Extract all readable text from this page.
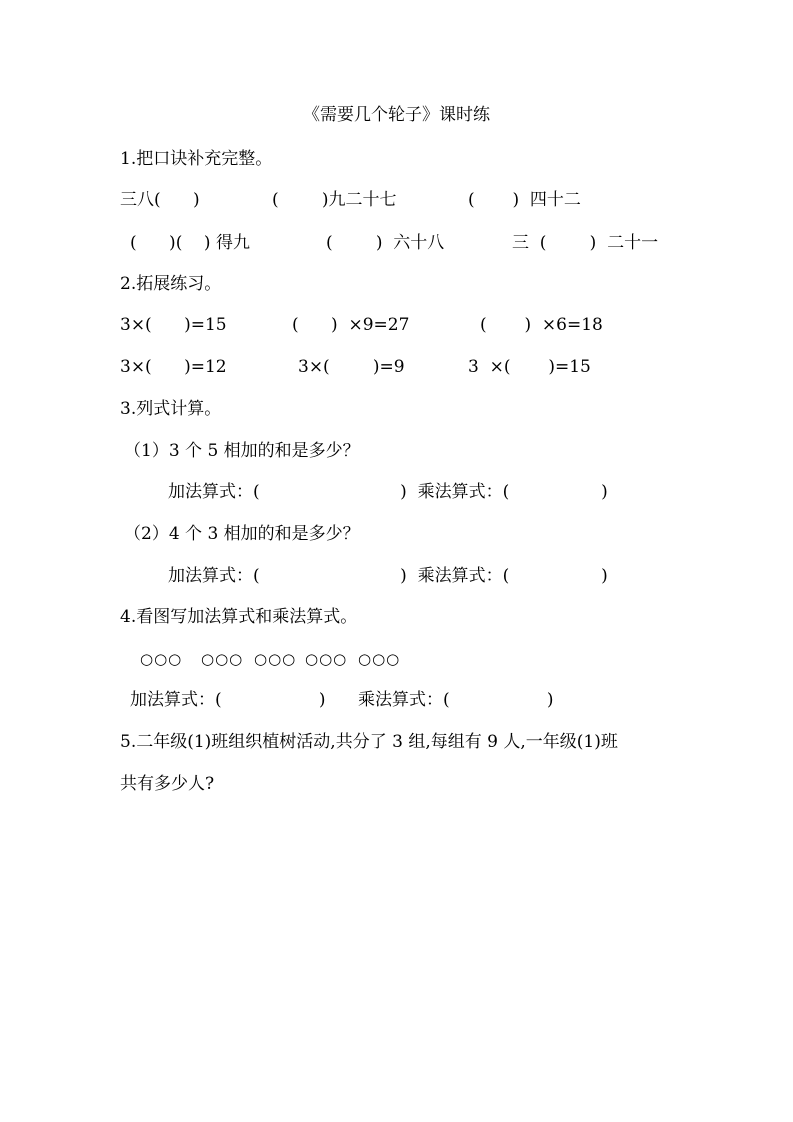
《需要几个轮子》课时练
1.把口诀补充完整。
三八(      )	(        )九二十七	(       )  四十二
(      )(    ) 得九	(        )  六十八	三  (        )  二十一
2.拓展练习。
3×(      )=15	(      )  ×9=27	(       )  ×6=18
3×(      )=12	3×(        )=9	3  ×(       )=15
3.列式计算。
（1）3 个 5 相加的和是多少？
加法算式：(                          )  乘法算式：(                 )
（2）4 个 3 相加的和是多少？
加法算式：(                          )  乘法算式：(                 )
4.看图写加法算式和乘法算式。
○○○ ○○○ ○○○ ○○○ ○○○
加法算式：(                  )      乘法算式：(                  )
5.二年级(1)班组织植树活动,共分了 3 组,每组有 9 人,一年级(1)班
共有多少人?
